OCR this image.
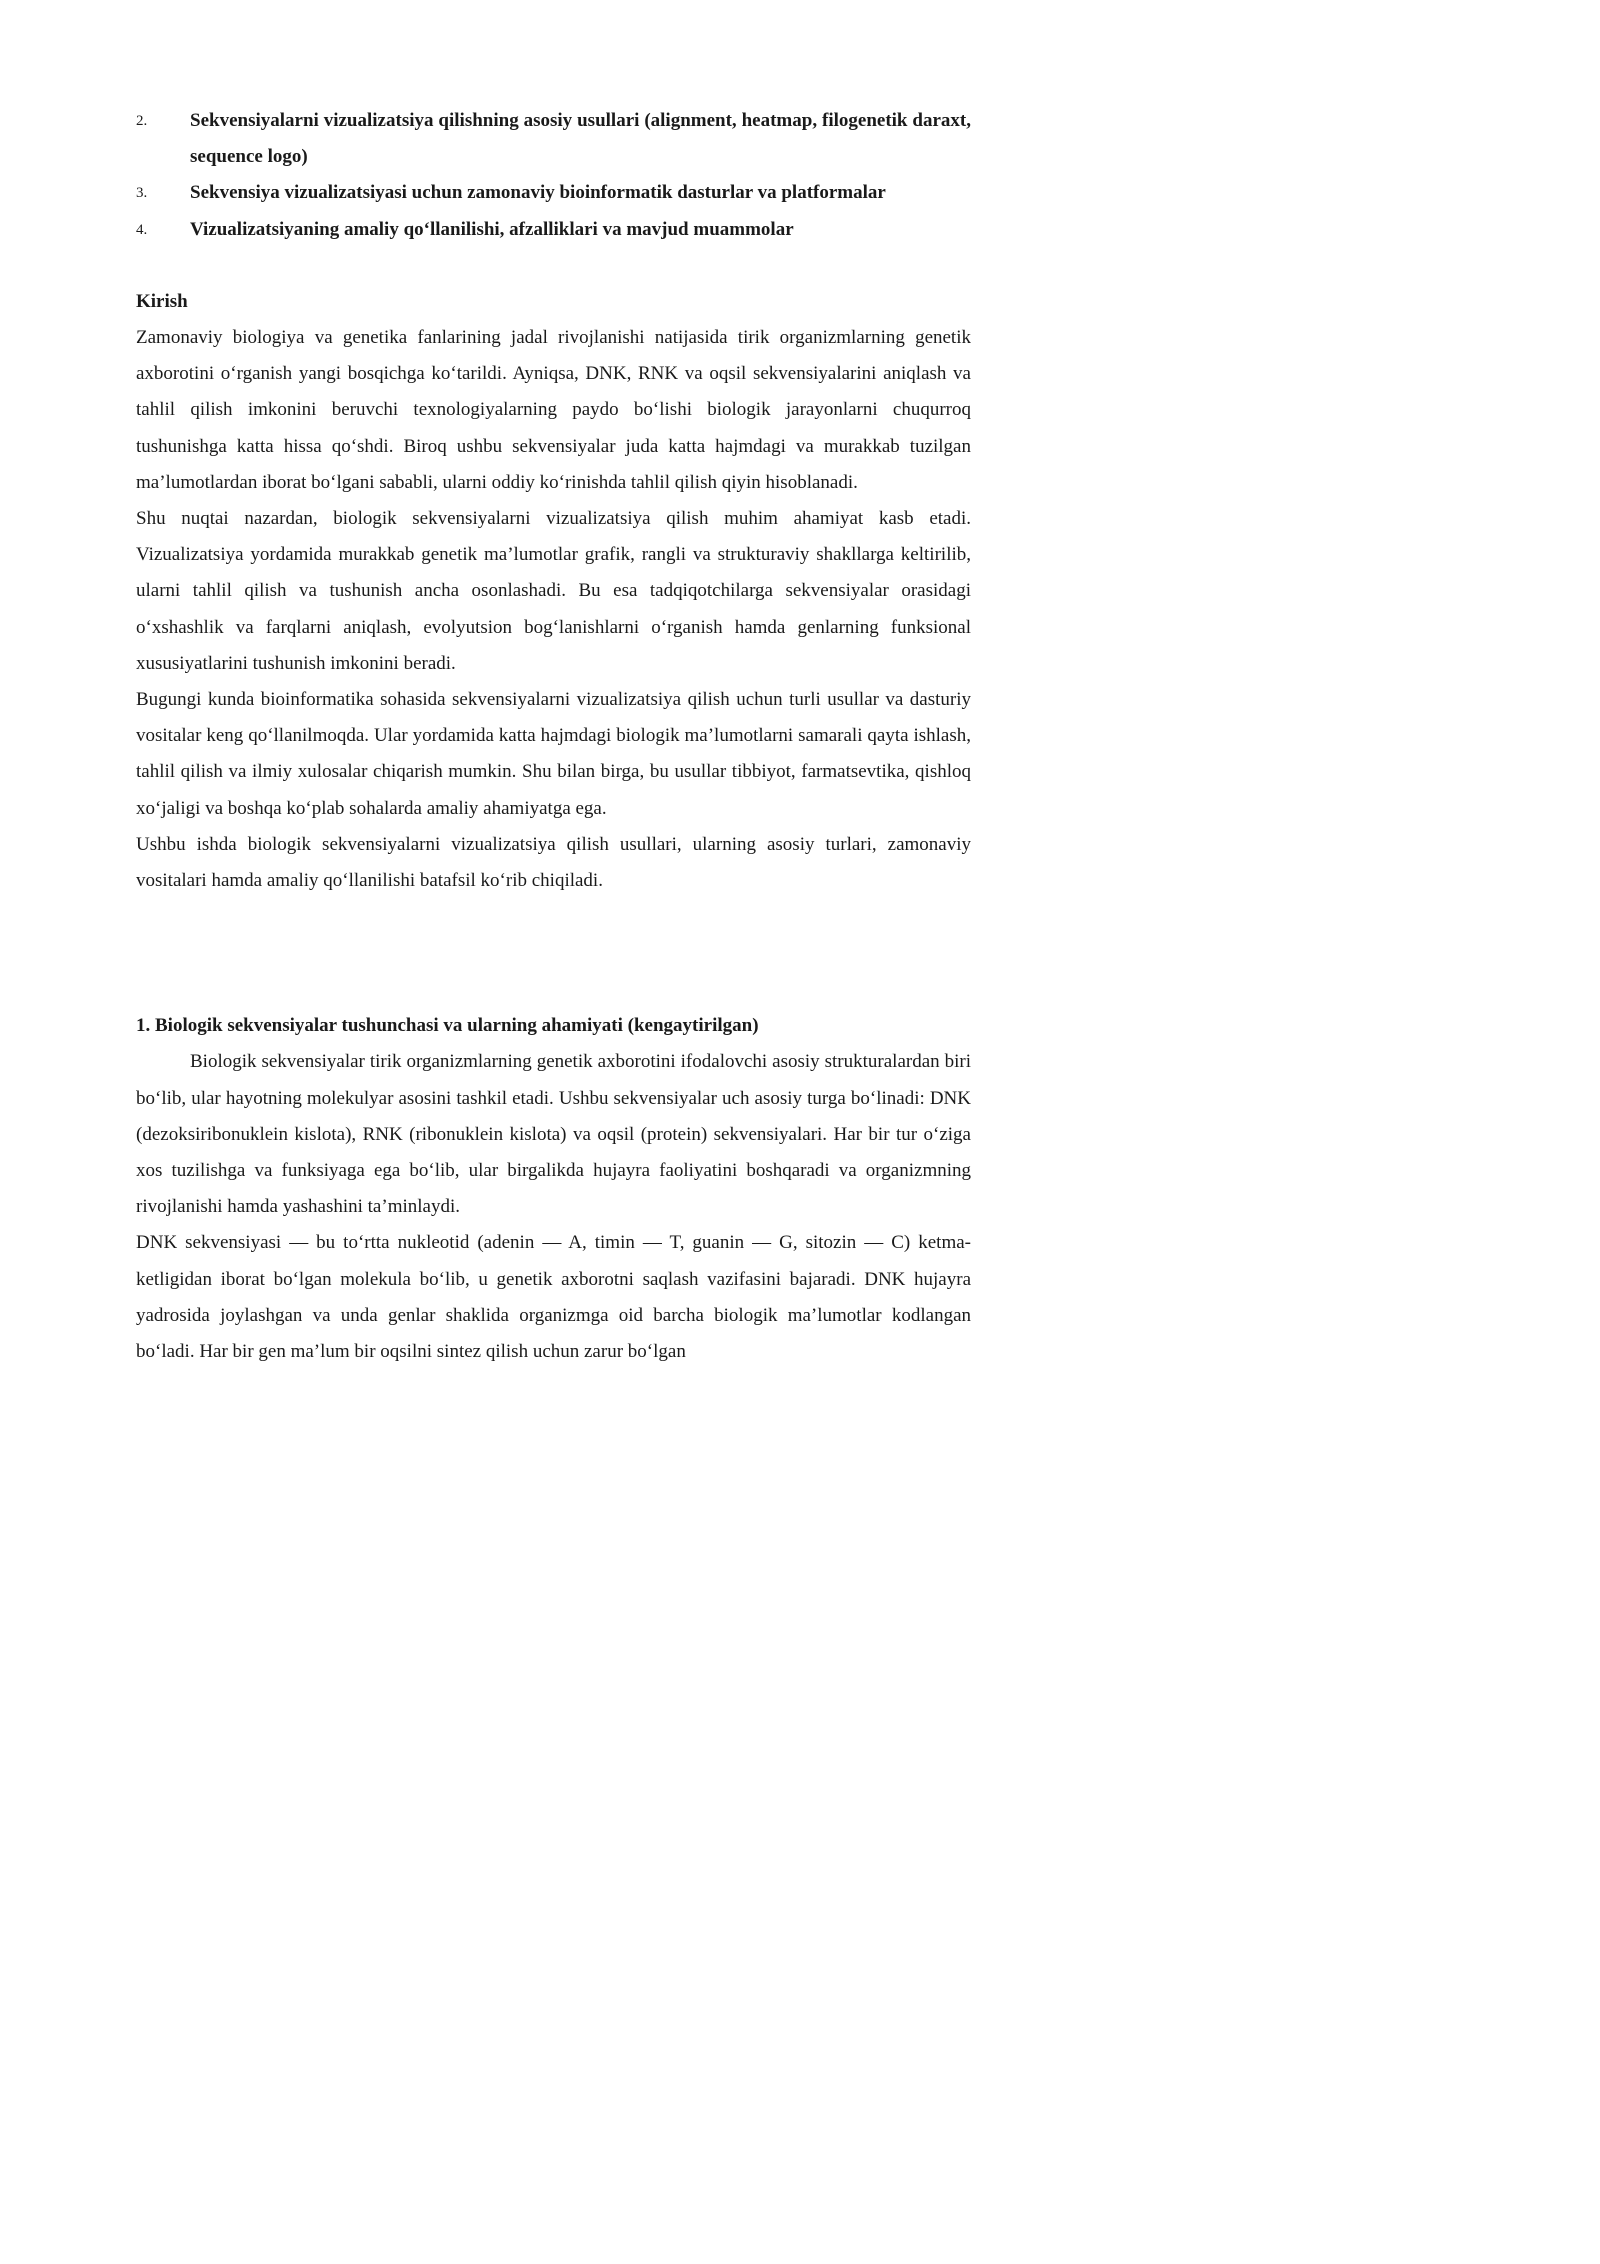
2.	Sekvensiyalarni vizualizatsiya qilishning asosiy usullari (alignment, heatmap, filogenetik daraxt, sequence logo)
3.	Sekvensiya vizualizatsiyasi uchun zamonaviy bioinformatik dasturlar va platformalar
4.	Vizualizatsiyaning amaliy qo‘llanilishi, afzalliklari va mavjud muammolar
Kirish

Zamonaviy biologiya va genetika fanlarining jadal rivojlanishi natijasida tirik organizmlarning genetik axborotini o‘rganish yangi bosqichga ko‘tarildi. Ayniqsa, DNK, RNK va oqsil sekvensiyalarini aniqlash va tahlil qilish imkonini beruvchi texnologiyalarning paydo bo‘lishi biologik jarayonlarni chuqurroq tushunishga katta hissa qo‘shdi. Biroq ushbu sekvensiyalar juda katta hajmdagi va murakkab tuzilgan ma’lumotlardan iborat bo‘lgani sababli, ularni oddiy ko‘rinishda tahlil qilish qiyin hisoblanadi.

Shu nuqtai nazardan, biologik sekvensiyalarni vizualizatsiya qilish muhim ahamiyat kasb etadi. Vizualizatsiya yordamida murakkab genetik ma’lumotlar grafik, rangli va strukturaviy shakllarga keltirilib, ularni tahlil qilish va tushunish ancha osonlashadi. Bu esa tadqiqotchilarga sekvensiyalar orasidagi o‘xshashlik va farqlarni aniqlash, evolyutsion bog‘lanishlarni o‘rganish hamda genlarning funksional xususiyatlarini tushunish imkonini beradi.

Bugungi kunda bioinformatika sohasida sekvensiyalarni vizualizatsiya qilish uchun turli usullar va dasturiy vositalar keng qo‘llanilmoqda. Ular yordamida katta hajmdagi biologik ma’lumotlarni samarali qayta ishlash, tahlil qilish va ilmiy xulosalar chiqarish mumkin. Shu bilan birga, bu usullar tibbiyot, farmatsevtika, qishloq xo‘jaligi va boshqa ko‘plab sohalarda amaliy ahamiyatga ega.

Ushbu ishda biologik sekvensiyalarni vizualizatsiya qilish usullari, ularning asosiy turlari, zamonaviy vositalari hamda amaliy qo‘llanilishi batafsil ko‘rib chiqiladi.

1. Biologik sekvensiyalar tushunchasi va ularning ahamiyati (kengaytirilgan)

Biologik sekvensiyalar tirik organizmlarning genetik axborotini ifodalovchi asosiy strukturalardan biri bo‘lib, ular hayotning molekulyar asosini tashkil etadi. Ushbu sekvensiyalar uch asosiy turga bo‘linadi: DNK (dezoksiribonuklein kislota), RNK (ribonuklein kislota) va oqsil (protein) sekvensiyalari. Har bir tur o‘ziga xos tuzilishga va funksiyaga ega bo‘lib, ular birgalikda hujayra faoliyatini boshqaradi va organizmning rivojlanishi hamda yashashini ta’minlaydi.

DNK sekvensiyasi — bu to‘rtta nukleotid (adenin — A, timin — T, guanin — G, sitozin — C) ketma-ketligidan iborat bo‘lgan molekula bo‘lib, u genetik axborotni saqlash vazifasini bajaradi. DNK hujayra yadrosida joylashgan va unda genlar shaklida organizmga oid barcha biologik ma’lumotlar kodlangan bo‘ladi. Har bir gen ma’lum bir oqsilni sintez qilish uchun zarur bo‘lgan
